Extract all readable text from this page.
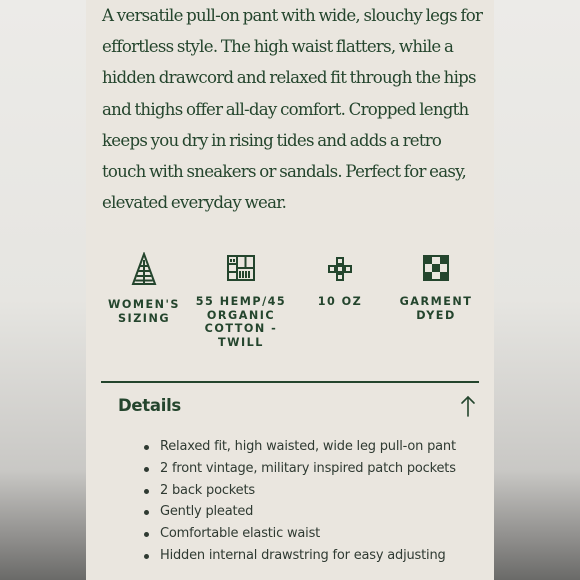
A versatile pull-on pant with wide, slouchy legs for effortless style. The high waist flatters, while a hidden drawcord and relaxed fit through the hips and thighs offer all-day comfort. Cropped length keeps you dry in rising tides and adds a retro touch with sneakers or sandals. Perfect for easy, elevated everyday wear.

WOMEN'S SIZING
55 HEMP/45 ORGANIC COTTON - TWILL
10 OZ	GARMENT DYED
Details
Relaxed fit, high waisted, wide leg pull-on pant
2 front vintage, military inspired patch pockets
2 back pockets
Gently pleated
Comfortable elastic waist
Hidden internal drawstring for easy adjusting
